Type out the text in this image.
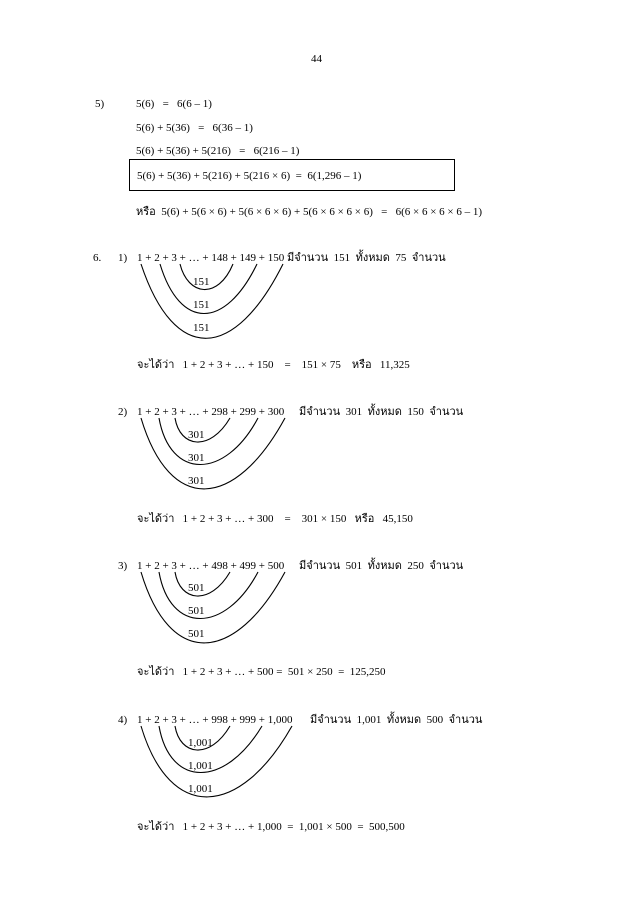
44
5)	5(6)   =   6(6 – 1)
5(6) + 5(36)   =   6(36 – 1)
5(6) + 5(36) + 5(216)   =   6(216 – 1)
5(6) + 5(36) + 5(216) + 5(216 × 6)  =  6(1,296 – 1)
หรือ  5(6) + 5(6 × 6) + 5(6 × 6 × 6) + 5(6 × 6 × 6 × 6)   =   6(6 × 6 × 6 × 6 – 1)
6. 1) 1 + 2 + 3 + … + 148 + 149 + 150 มีจำนวน  151  ทั้งหมด  75  จำนวน
151
151
151
จะได้ว่า   1 + 2 + 3 + … + 150    =    151 × 75    หรือ   11,325
2) 1 + 2 + 3 + … + 298 + 299 + 300 มีจำนวน  301  ทั้งหมด  150  จำนวน
301
301
301
จะได้ว่า   1 + 2 + 3 + … + 300    =    301 × 150   หรือ   45,150
3) 1 + 2 + 3 + … + 498 + 499 + 500 มีจำนวน  501  ทั้งหมด  250  จำนวน
501
501
501
จะได้ว่า   1 + 2 + 3 + … + 500 =  501 × 250  =  125,250
4) 1 + 2 + 3 + … + 998 + 999 + 1,000 มีจำนวน  1,001  ทั้งหมด  500  จำนวน
1,001
1,001
1,001
จะได้ว่า   1 + 2 + 3 + … + 1,000  =  1,001 × 500  =  500,500
